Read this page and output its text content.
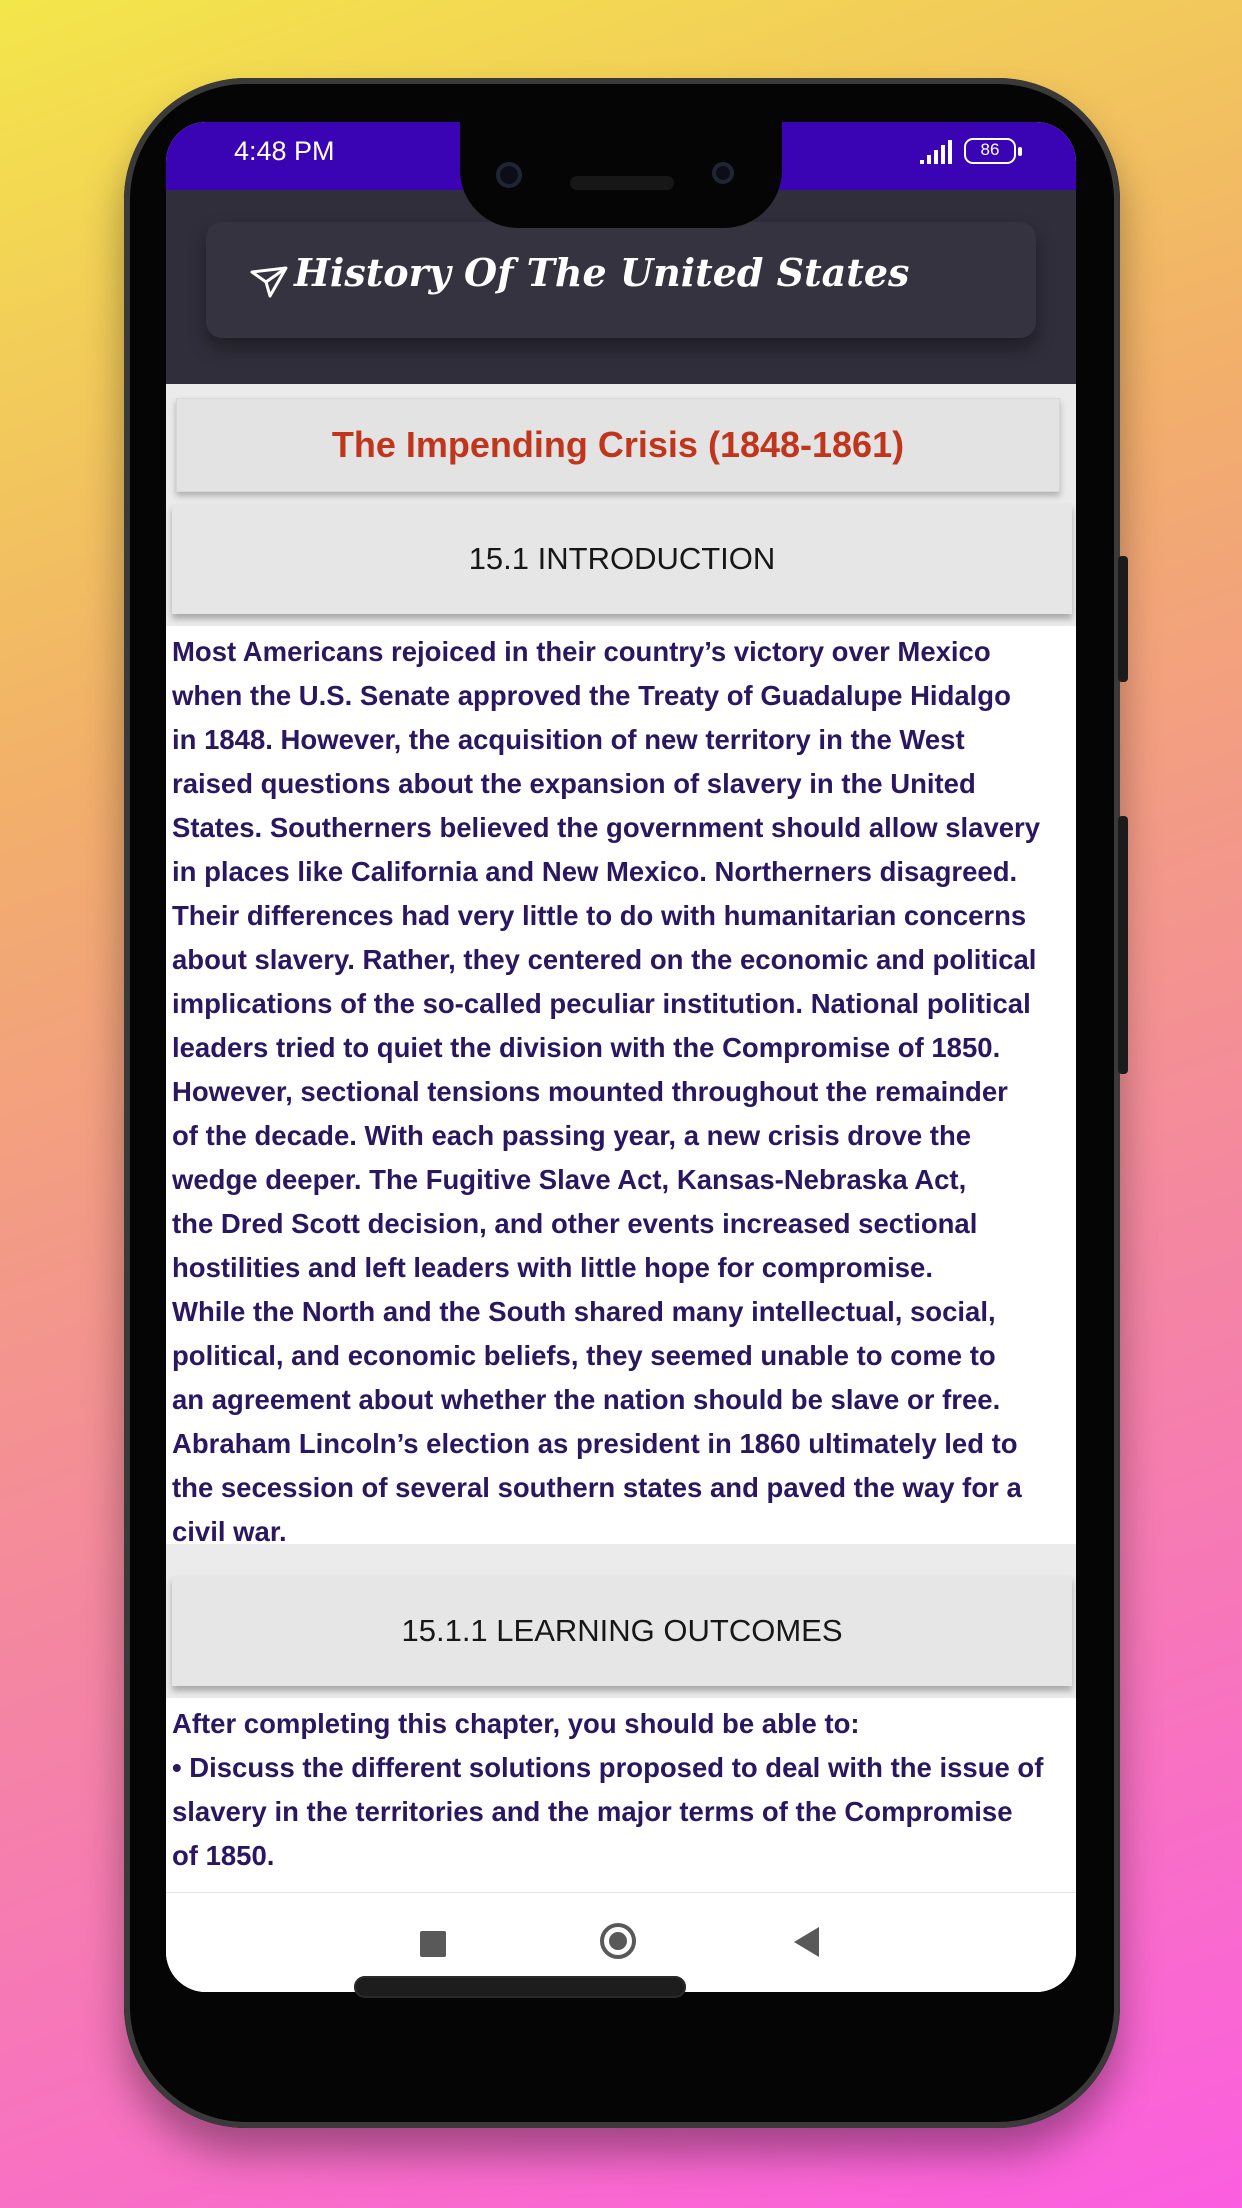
4:48 PM	86
History Of The United States
The Impending Crisis (1848-1861)
15.1 INTRODUCTION
Most Americans rejoiced in their country’s victory over Mexico
when the U.S. Senate approved the Treaty of Guadalupe Hidalgo
in 1848. However, the acquisition of new territory in the West
raised questions about the expansion of slavery in the United
States. Southerners believed the government should allow slavery
in places like California and New Mexico. Northerners disagreed.
Their differences had very little to do with humanitarian concerns
about slavery. Rather, they centered on the economic and political
implications of the so-called peculiar institution. National political
leaders tried to quiet the division with the Compromise of 1850.
However, sectional tensions mounted throughout the remainder
of the decade. With each passing year, a new crisis drove the
wedge deeper. The Fugitive Slave Act, Kansas-Nebraska Act,
the Dred Scott decision, and other events increased sectional
hostilities and left leaders with little hope for compromise.
While the North and the South shared many intellectual, social,
political, and economic beliefs, they seemed unable to come to
an agreement about whether the nation should be slave or free.
Abraham Lincoln’s election as president in 1860 ultimately led to
the secession of several southern states and paved the way for a
civil war.
15.1.1 LEARNING OUTCOMES
After completing this chapter, you should be able to:
• Discuss the different solutions proposed to deal with the issue of
slavery in the territories and the major terms of the Compromise
of 1850.
